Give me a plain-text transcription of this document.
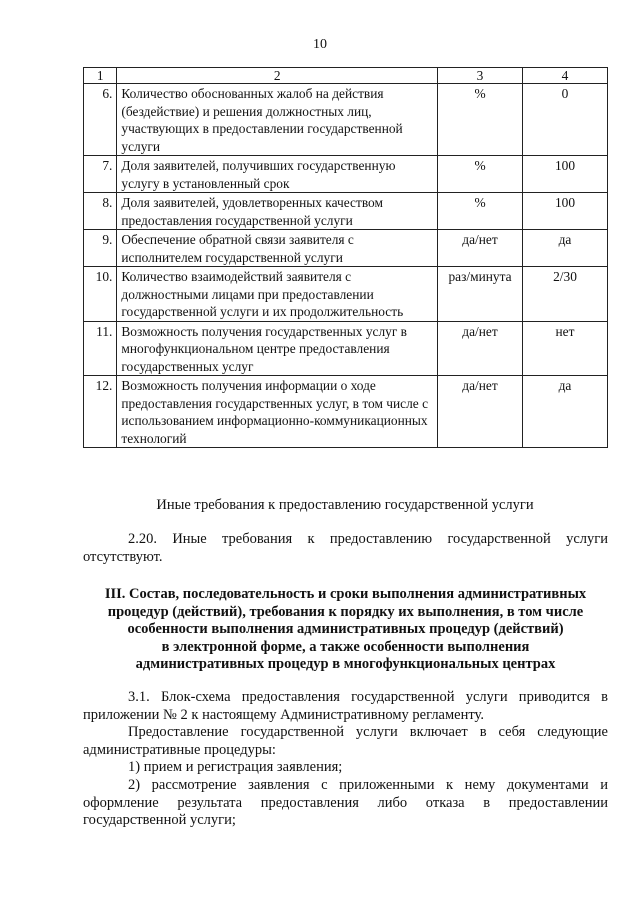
10
1	2	3	4
6.	Количество обоснованных жалоб на действия (бездействие) и решения должностных лиц, участвующих в предоставлении государственной услуги	%	0
7.	Доля заявителей, получивших государственную услугу в установленный срок	%	100
8.	Доля заявителей, удовлетворенных качеством предоставления государственной услуги	%	100
9.	Обеспечение обратной связи заявителя с исполнителем государственной услуги	да/нет	да
10.	Количество взаимодействий заявителя с должностными лицами при предоставлении государственной услуги и их продолжительность	раз/минута	2/30
11.	Возможность получения государственных услуг в многофункциональном центре предоставления государственных услуг	да/нет	нет
12.	Возможность получения информации о ходе предоставления государственных услуг, в том числе с использованием информационно-коммуникационных технологий	да/нет	да
Иные требования к предоставлению государственной услуги
2.20. Иные требования к предоставлению государственной услуги отсутствуют.
III. Состав, последовательность и сроки выполнения административных
процедур (действий), требования к порядку их выполнения, в том числе
особенности выполнения административных процедур (действий)
в электронной форме, а также особенности выполнения
административных процедур в многофункциональных центрах
3.1. Блок-схема предоставления государственной услуги приводится в приложении № 2 к настоящему Административному регламенту.
Предоставление государственной услуги включает в себя следующие административные процедуры:
1) прием и регистрация заявления;
2) рассмотрение заявления с приложенными к нему документами и оформление результата предоставления либо отказа в предоставлении государственной услуги;
